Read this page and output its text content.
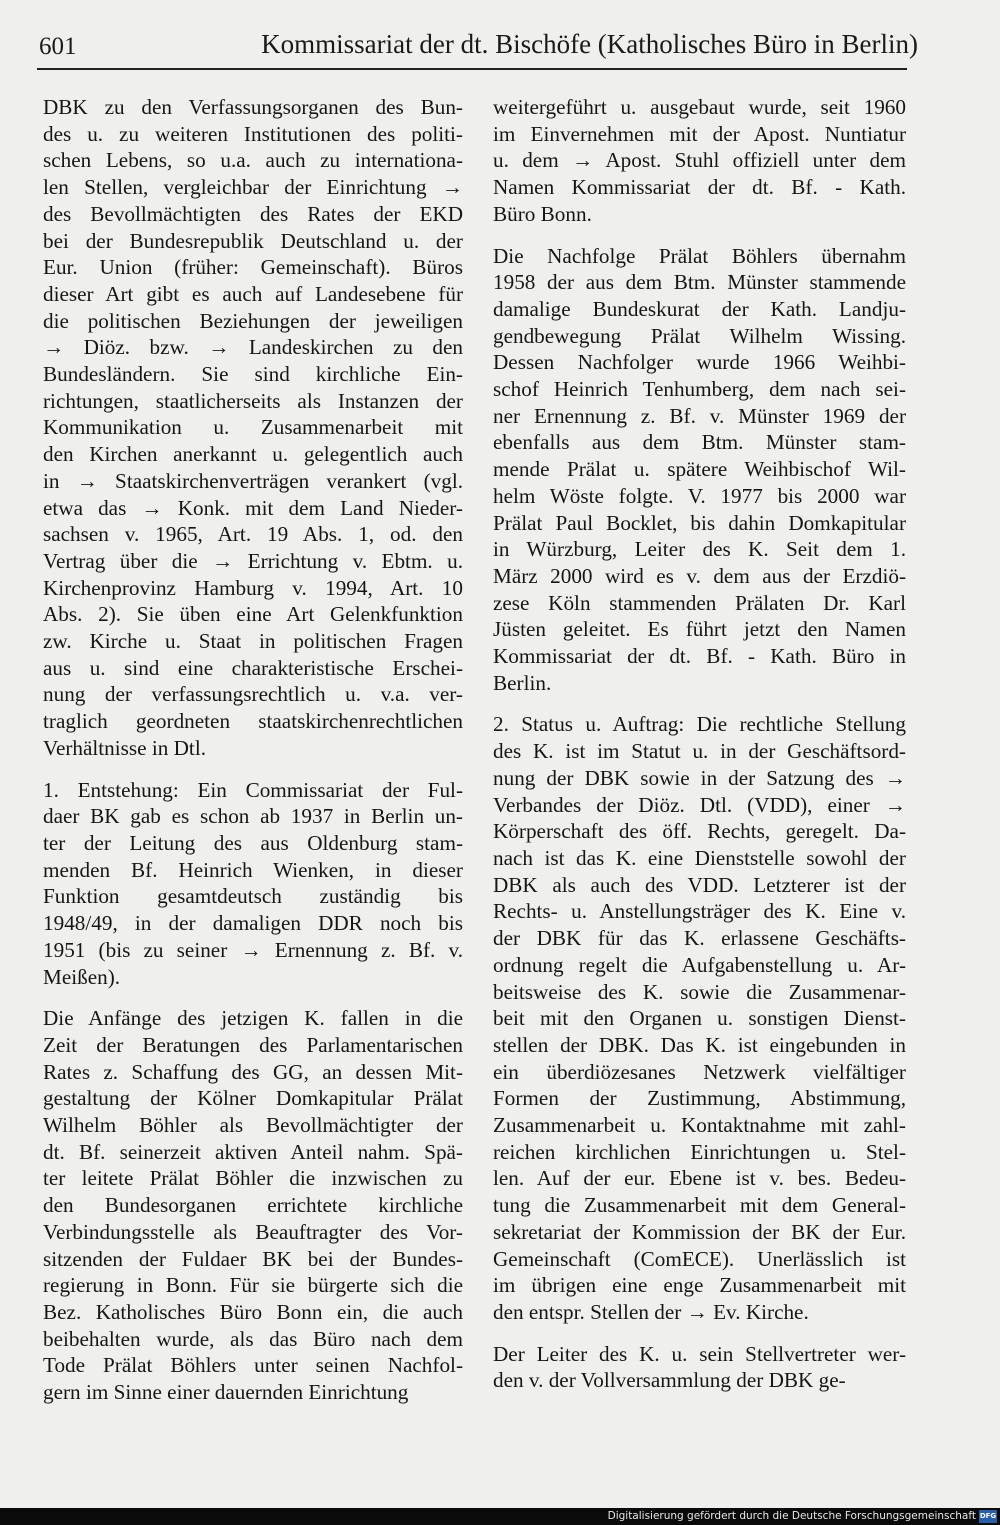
601	Kommissariat der dt. Bischöfe (Katholisches Büro in Berlin)
DBK zu den Verfassungsorganen des Bun-
des u. zu weiteren Institutionen des politi-
schen Lebens, so u.a. auch zu internationa-
len Stellen, vergleichbar der Einrichtung →
des Bevollmächtigten des Rates der EKD
bei der Bundesrepublik Deutschland u. der
Eur. Union (früher: Gemeinschaft). Büros
dieser Art gibt es auch auf Landesebene für
die politischen Beziehungen der jeweiligen
→ Diöz. bzw. → Landeskirchen zu den
Bundesländern. Sie sind kirchliche Ein-
richtungen, staatlicherseits als Instanzen der
Kommunikation u. Zusammenarbeit mit
den Kirchen anerkannt u. gelegentlich auch
in → Staatskirchenverträgen verankert (vgl.
etwa das → Konk. mit dem Land Nieder-
sachsen v. 1965, Art. 19 Abs. 1, od. den
Vertrag über die → Errichtung v. Ebtm. u.
Kirchenprovinz Hamburg v. 1994, Art. 10
Abs. 2). Sie üben eine Art Gelenkfunktion
zw. Kirche u. Staat in politischen Fragen
aus u. sind eine charakteristische Erschei-
nung der verfassungsrechtlich u. v.a. ver-
traglich geordneten staatskirchenrechtlichen
Verhältnisse in Dtl.
1. Entstehung: Ein Commissariat der Ful-
daer BK gab es schon ab 1937 in Berlin un-
ter der Leitung des aus Oldenburg stam-
menden Bf. Heinrich Wienken, in dieser
Funktion gesamtdeutsch zuständig bis
1948/49, in der damaligen DDR noch bis
1951 (bis zu seiner → Ernennung z. Bf. v.
Meißen).
Die Anfänge des jetzigen K. fallen in die
Zeit der Beratungen des Parlamentarischen
Rates z. Schaffung des GG, an dessen Mit-
gestaltung der Kölner Domkapitular Prälat
Wilhelm Böhler als Bevollmächtigter der
dt. Bf. seinerzeit aktiven Anteil nahm. Spä-
ter leitete Prälat Böhler die inzwischen zu
den Bundesorganen errichtete kirchliche
Verbindungsstelle als Beauftragter des Vor-
sitzenden der Fuldaer BK bei der Bundes-
regierung in Bonn. Für sie bürgerte sich die
Bez. Katholisches Büro Bonn ein, die auch
beibehalten wurde, als das Büro nach dem
Tode Prälat Böhlers unter seinen Nachfol-
gern im Sinne einer dauernden Einrichtung
weitergeführt u. ausgebaut wurde, seit 1960
im Einvernehmen mit der Apost. Nuntiatur
u. dem → Apost. Stuhl offiziell unter dem
Namen Kommissariat der dt. Bf. - Kath.
Büro Bonn.
Die Nachfolge Prälat Böhlers übernahm
1958 der aus dem Btm. Münster stammende
damalige Bundeskurat der Kath. Landju-
gendbewegung Prälat Wilhelm Wissing.
Dessen Nachfolger wurde 1966 Weihbi-
schof Heinrich Tenhumberg, dem nach sei-
ner Ernennung z. Bf. v. Münster 1969 der
ebenfalls aus dem Btm. Münster stam-
mende Prälat u. spätere Weihbischof Wil-
helm Wöste folgte. V. 1977 bis 2000 war
Prälat Paul Bocklet, bis dahin Domkapitular
in Würzburg, Leiter des K. Seit dem 1.
März 2000 wird es v. dem aus der Erzdiö-
zese Köln stammenden Prälaten Dr. Karl
Jüsten geleitet. Es führt jetzt den Namen
Kommissariat der dt. Bf. - Kath. Büro in
Berlin.
2. Status u. Auftrag: Die rechtliche Stellung
des K. ist im Statut u. in der Geschäftsord-
nung der DBK sowie in der Satzung des →
Verbandes der Diöz. Dtl. (VDD), einer →
Körperschaft des öff. Rechts, geregelt. Da-
nach ist das K. eine Dienststelle sowohl der
DBK als auch des VDD. Letzterer ist der
Rechts- u. Anstellungsträger des K. Eine v.
der DBK für das K. erlassene Geschäfts-
ordnung regelt die Aufgabenstellung u. Ar-
beitsweise des K. sowie die Zusammenar-
beit mit den Organen u. sonstigen Dienst-
stellen der DBK. Das K. ist eingebunden in
ein überdiözesanes Netzwerk vielfältiger
Formen der Zustimmung, Abstimmung,
Zusammenarbeit u. Kontaktnahme mit zahl-
reichen kirchlichen Einrichtungen u. Stel-
len. Auf der eur. Ebene ist v. bes. Bedeu-
tung die Zusammenarbeit mit dem General-
sekretariat der Kommission der BK der Eur.
Gemeinschaft (ComECE). Unerlässlich ist
im übrigen eine enge Zusammenarbeit mit
den entspr. Stellen der → Ev. Kirche.
Der Leiter des K. u. sein Stellvertreter wer-
den v. der Vollversammlung der DBK ge-
Digitalisierung gefördert durch die Deutsche Forschungsgemeinschaft DFG
